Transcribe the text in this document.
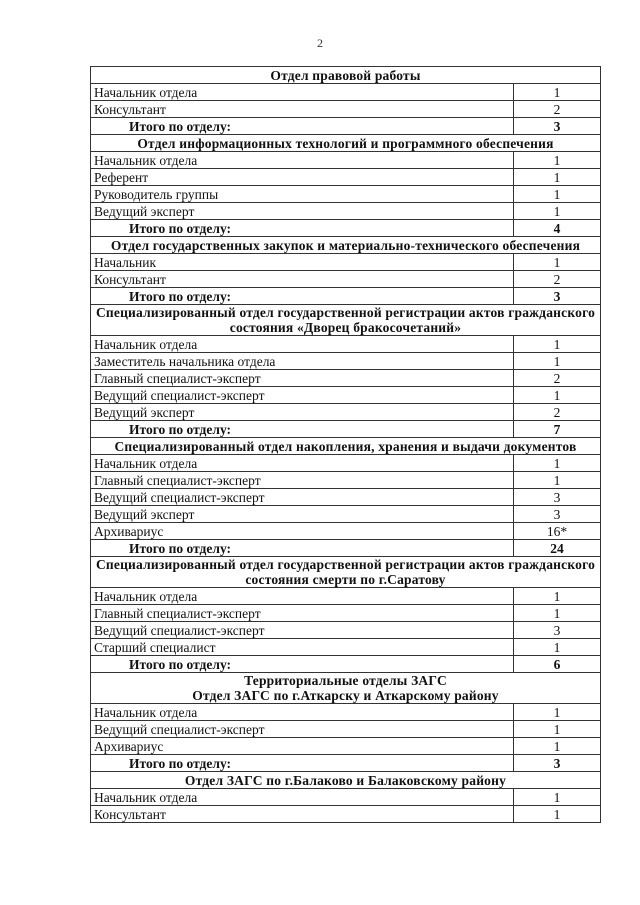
2
Отдел правовой работы	

Начальник отдела	1
Консультант	2
Итого по отделу:	3

Отдел информационных технологий и программного обеспечения	

Начальник отдела	1
Референт	1
Руководитель группы	1
Ведущий эксперт	1
Итого по отделу:	4

Отдел государственных закупок и материально-технического обеспечения	

Начальник	1
Консультант	2
Итого по отделу:	3

Специализированный отдел государственной регистрации актов гражданского состояния «Дворец бракосочетаний»	

Начальник отдела	1
Заместитель начальника отдела	1
Главный специалист-эксперт	2
Ведущий специалист-эксперт	1
Ведущий эксперт	2
Итого по отделу:	7

Специализированный отдел накопления, хранения и выдачи документов	

Начальник отдела	1
Главный специалист-эксперт	1
Ведущий специалист-эксперт	3
Ведущий эксперт	3
Архивариус	16*
Итого по отделу:	24

Специализированный отдел государственной регистрации актов гражданского состояния смерти по г.Саратову	

Начальник отдела	1
Главный специалист-эксперт	1
Ведущий специалист-эксперт	3
Старший специалист	1
Итого по отделу:	6

Территориальные отделы ЗАГС
Отдел ЗАГС по г.Аткарску и Аткарскому району	

Начальник отдела	1
Ведущий специалист-эксперт	1
Архивариус	1
Итого по отделу:	3

Отдел ЗАГС по г.Балаково и Балаковскому району	

Начальник отдела	1
Консультант	1
